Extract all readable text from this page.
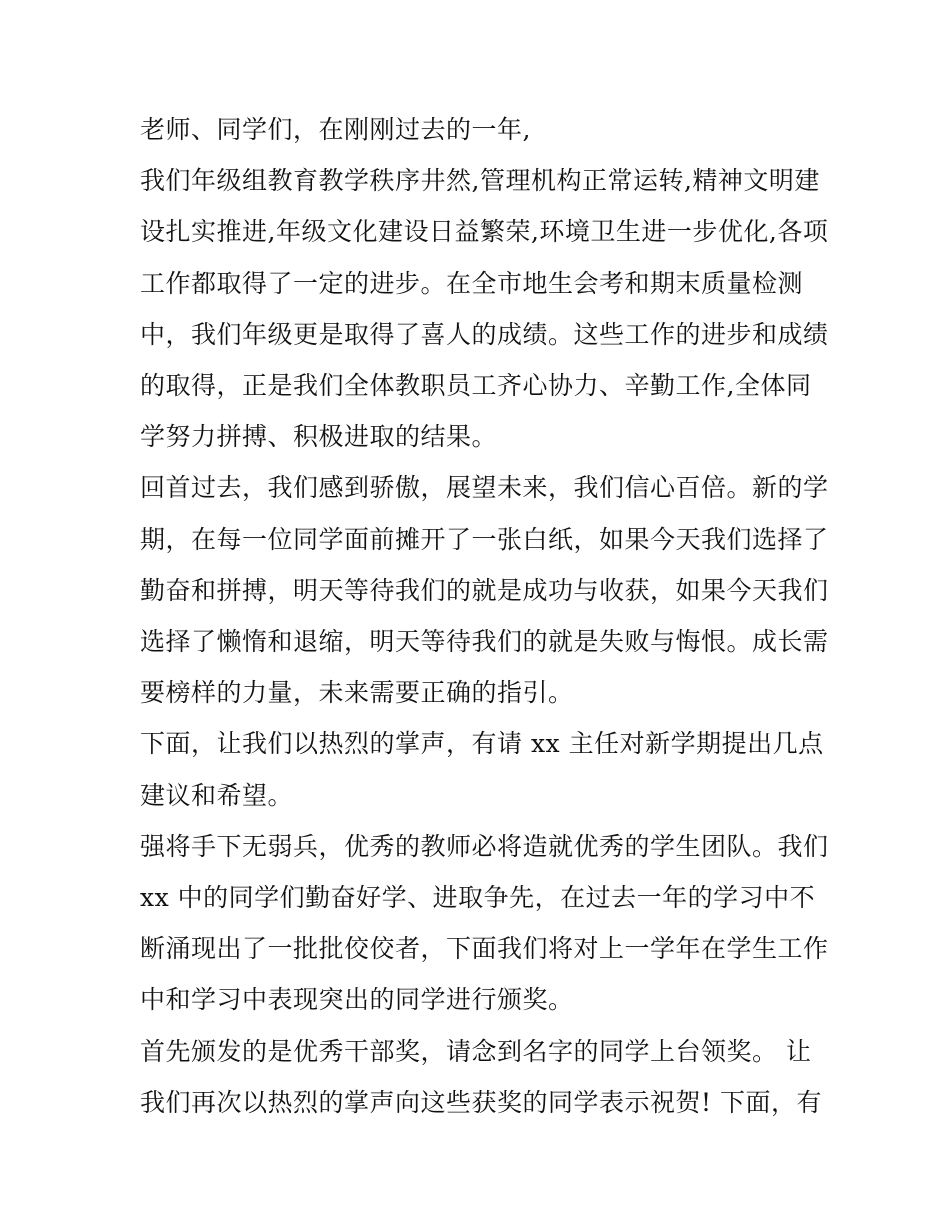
老师、同学们，在刚刚过去的一年,

我们年级组教育教学秩序井然,管理机构正常运转,精神文明建
设扎实推进,年级文化建设日益繁荣,环境卫生进一步优化,各项
工作都取得了一定的进步。在全市地生会考和期末质量检测
中，我们年级更是取得了喜人的成绩。这些工作的进步和成绩
的取得，正是我们全体教职员工齐心协力、辛勤工作,全体同
学努力拼搏、积极进取的结果。

回首过去，我们感到骄傲，展望未来，我们信心百倍。新的学
期，在每一位同学面前摊开了一张白纸，如果今天我们选择了
勤奋和拼搏，明天等待我们的就是成功与收获，如果今天我们
选择了懒惰和退缩，明天等待我们的就是失败与悔恨。成长需
要榜样的力量，未来需要正确的指引。

下面，让我们以热烈的掌声，有请 xx 主任对新学期提出几点
建议和希望。

强将手下无弱兵，优秀的教师必将造就优秀的学生团队。我们
xx 中的同学们勤奋好学、进取争先，在过去一年的学习中不
断涌现出了一批批佼佼者，下面我们将对上一学年在学生工作
中和学习中表现突出的同学进行颁奖。

首先颁发的是优秀干部奖，请念到名字的同学上台领奖。 让
我们再次以热烈的掌声向这些获奖的同学表示祝贺! 下面，有
